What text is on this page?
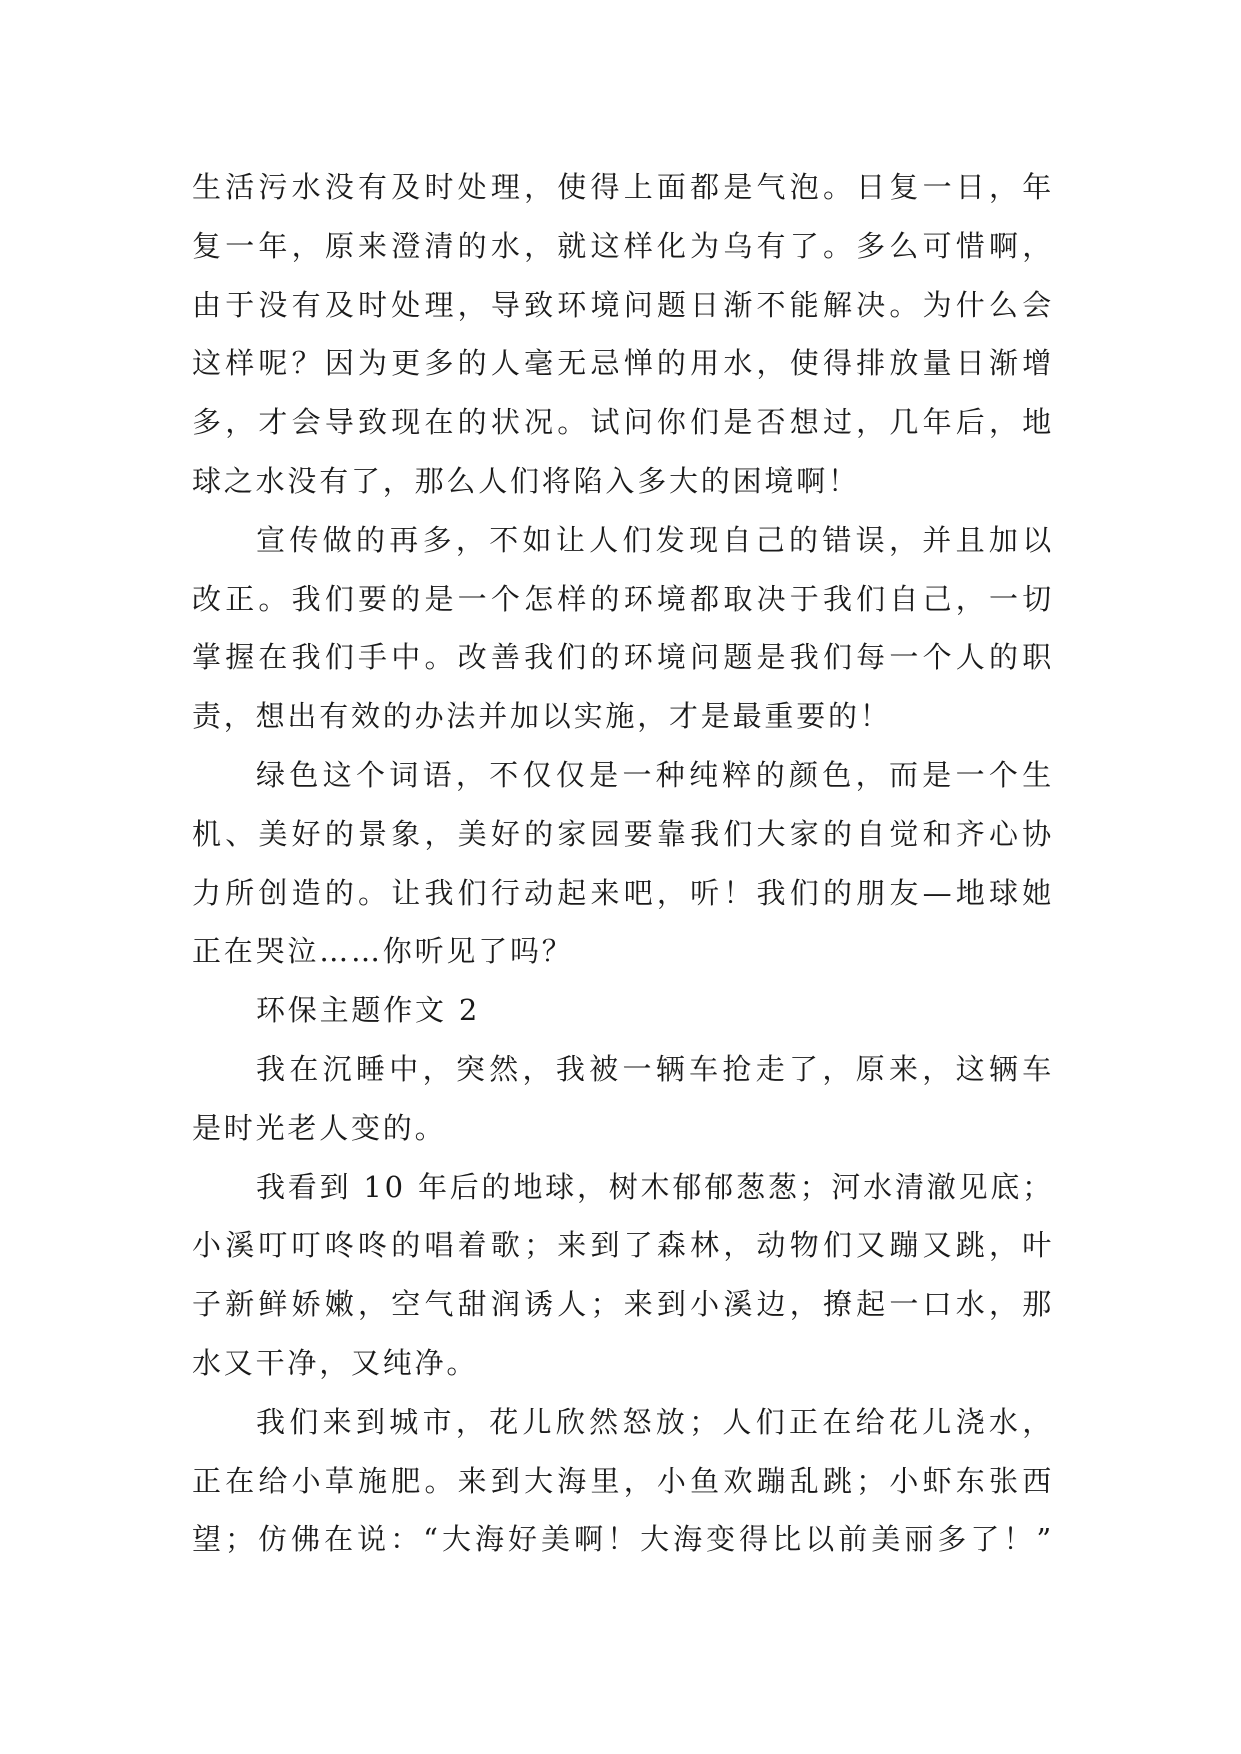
生活污水没有及时处理，使得上面都是气泡。日复一日，年
复一年，原来澄清的水，就这样化为乌有了。多么可惜啊，
由于没有及时处理，导致环境问题日渐不能解决。为什么会
这样呢？因为更多的人毫无忌惮的用水，使得排放量日渐增
多，才会导致现在的状况。试问你们是否想过，几年后，地
球之水没有了，那么人们将陷入多大的困境啊！
宣传做的再多，不如让人们发现自己的错误，并且加以
改正。我们要的是一个怎样的环境都取决于我们自己，一切
掌握在我们手中。改善我们的环境问题是我们每一个人的职
责，想出有效的办法并加以实施，才是最重要的！
绿色这个词语，不仅仅是一种纯粹的颜色，而是一个生
机、美好的景象，美好的家园要靠我们大家的自觉和齐心协
力所创造的。让我们行动起来吧，听！我们的朋友—地球她
正在哭泣……你听见了吗？
环保主题作文 2
我在沉睡中，突然，我被一辆车抢走了，原来，这辆车
是时光老人变的。
我看到 10 年后的地球，树木郁郁葱葱；河水清澈见底；
小溪叮叮咚咚的唱着歌；来到了森林，动物们又蹦又跳，叶
子新鲜娇嫩，空气甜润诱人；来到小溪边，撩起一口水，那
水又干净，又纯净。
我们来到城市，花儿欣然怒放；人们正在给花儿浇水，
正在给小草施肥。来到大海里，小鱼欢蹦乱跳；小虾东张西
望；仿佛在说：“大海好美啊！大海变得比以前美丽多了！”
